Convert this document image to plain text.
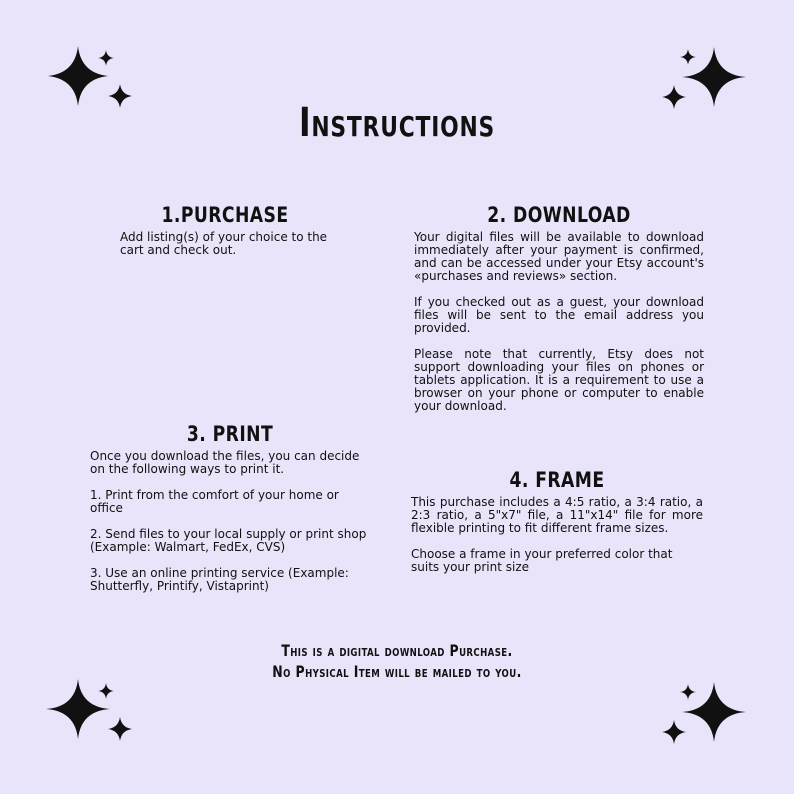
Instructions
1.PURCHASE

Add listing(s) of your choice to the cart and check out.

2. DOWNLOAD

Your digital files will be available to download immediately after your payment is confirmed, and can be accessed under your Etsy account's «purchases and reviews» section.

If you checked out as a guest, your download files will be sent to the email address you provided.

Please note that currently, Etsy does not support downloading your files on phones or tablets application. It is a requirement to use a browser on your phone or computer to enable your download.

3. PRINT

Once you download the files, you can decide on the following ways to print it.

1. Print from the comfort of your home or office

2. Send files to your local supply or print shop (Example: Walmart, FedEx, CVS)

3. Use an online printing service (Example: Shutterfly, Printify, Vistaprint)

4. FRAME

This purchase includes a 4:5 ratio, a 3:4 ratio, a 2:3 ratio, a 5"x7" file, a 11"x14" file for more flexible printing to fit different frame sizes.

Choose a frame in your preferred color that suits your print size

This is a digital download Purchase.
No Physical Item will be mailed to you.
